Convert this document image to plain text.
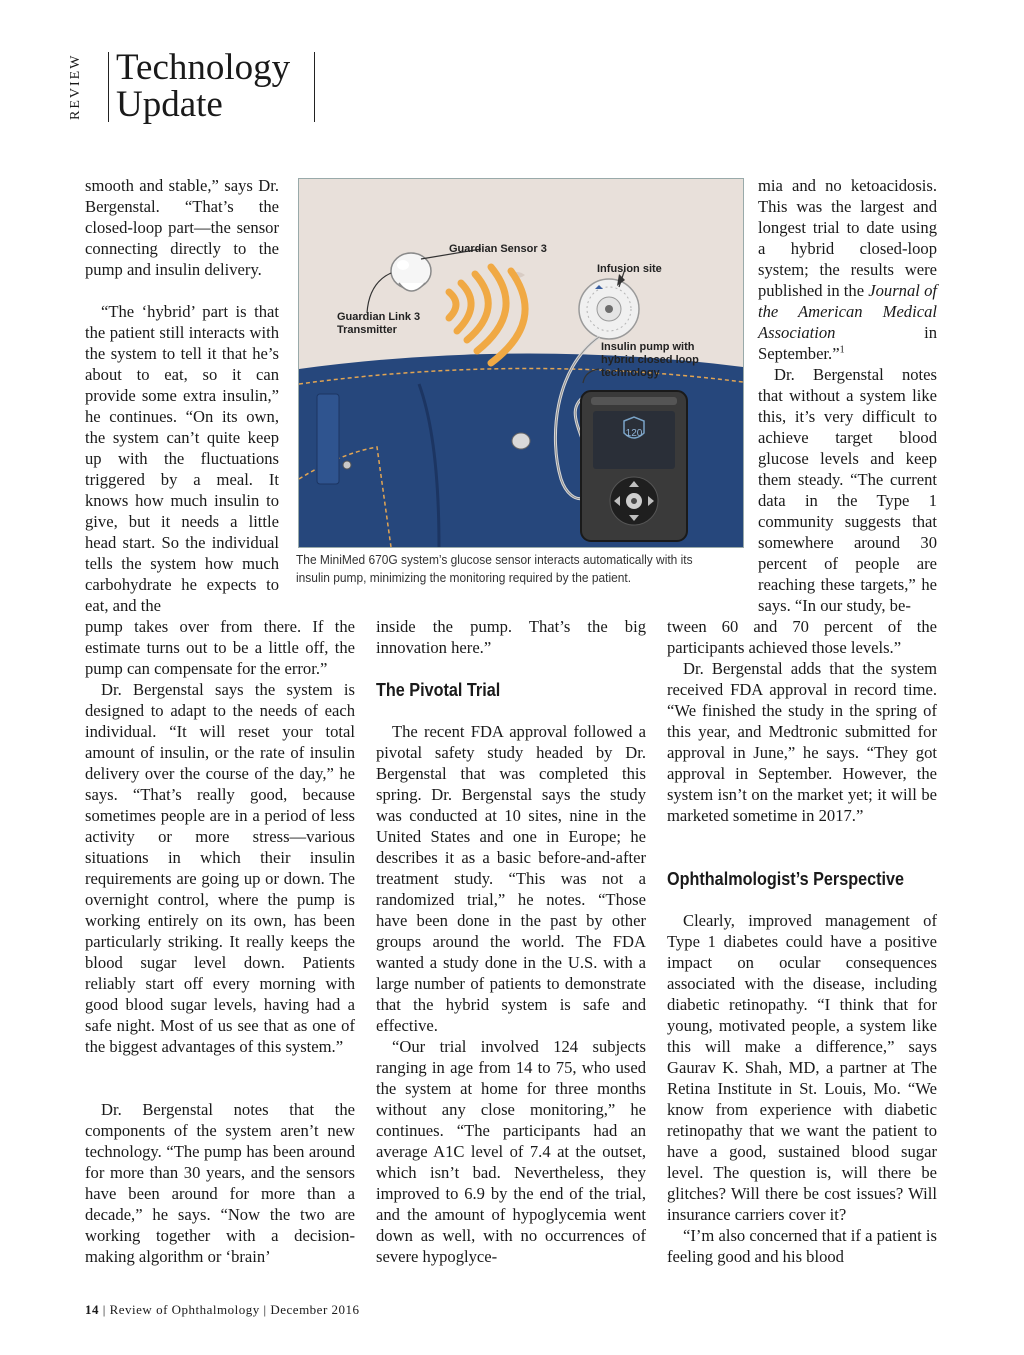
REVIEW Technology
Update
120
Guardian Sensor 3
Infusion site
Guardian Link 3
Transmitter
Insulin pump with
hybrid closed loop
technology
The MiniMed 670G system’s glucose sensor interacts automatically with its insulin pump, minimizing the monitoring required by the patient.

smooth and stable,” says Dr. Bergenstal. “That’s the closed-loop part—the sensor connecting directly to the pump and insulin delivery.

“The ‘hybrid’ part is that the patient still interacts with the system to tell it that he’s about to eat, so it can provide some extra insulin,” he continues. “On its own, the system can’t quite keep up with the fluctuations triggered by a meal. It knows how much insulin to give, but it needs a little head start. So the individual tells the system how much carbohydrate he expects to eat, and the

pump takes over from there. If the estimate turns out to be a little off, the pump can compensate for the error.”

Dr. Bergenstal says the system is designed to adapt to the needs of each individual. “It will reset your total amount of insulin, or the rate of insulin delivery over the course of the day,” he says. “That’s really good, because sometimes people are in a period of less activity or more stress—various situations in which their insulin requirements are going up or down. The overnight control, where the pump is working entirely on its own, has been particularly striking. It really keeps the blood sugar level down. Patients reliably start off every morning with good blood sugar levels, having had a safe night. Most of us see that as one of the biggest advantages of this system.”

Dr. Bergenstal notes that the components of the system aren’t new technology. “The pump has been around for more than 30 years, and the sensors have been around for more than a decade,” he says. “Now the two are working together with a decision-making algorithm or ‘brain’

inside the pump. That’s the big innovation here.”

The Pivotal Trial

The recent FDA approval followed a pivotal safety study headed by Dr. Bergenstal that was completed this spring. Dr. Bergenstal says the study was conducted at 10 sites, nine in the United States and one in Europe; he describes it as a basic before-and-after treatment study. “This was not a randomized trial,” he notes. “Those have been done in the past by other groups around the world. The FDA wanted a study done in the U.S. with a large number of patients to demonstrate that the hybrid system is safe and effective.

“Our trial involved 124 subjects ranging in age from 14 to 75, who used the system at home for three months without any close monitoring,” he continues. “The participants had an average A1C level of 7.4 at the outset, which isn’t bad. Nevertheless, they improved to 6.9 by the end of the trial, and the amount of hypoglycemia went down as well, with no occurrences of severe hypoglyce-

mia and no ketoacidosis. This was the largest and longest trial to date using a hybrid closed-loop system; the results were published in the Journal of the American Medical Association	in September.”$^1$

Dr. Bergenstal notes that without a system like this, it’s very difficult to achieve target blood glucose levels and keep them steady. “The current data in the Type 1 community suggests that somewhere around 30 percent of people are reaching these targets,” he says. “In our study, be-

tween 60 and 70 percent of the participants achieved those levels.”

Dr. Bergenstal adds that the system received FDA approval in record time. “We finished the study in the spring of this year, and Medtronic submitted for approval in June,” he says. “They got approval in September. However, the system isn’t on the market yet; it will be marketed sometime in 2017.”

Ophthalmologist’s Perspective

Clearly, improved management of Type 1 diabetes could have a positive impact on ocular consequences associated with the disease, including diabetic retinopathy. “I think that for young, motivated people, a system like this will make a difference,” says Gaurav K. Shah, MD, a partner at The Retina Institute in St. Louis, Mo. “We know from experience with diabetic retinopathy that we want the patient to have a good, sustained blood sugar level. The question is, will there be glitches? Will there be cost issues? Will insurance carriers cover it?

“I’m also concerned that if a patient is feeling good and his blood

14 | Review of Ophthalmology | December 2016
